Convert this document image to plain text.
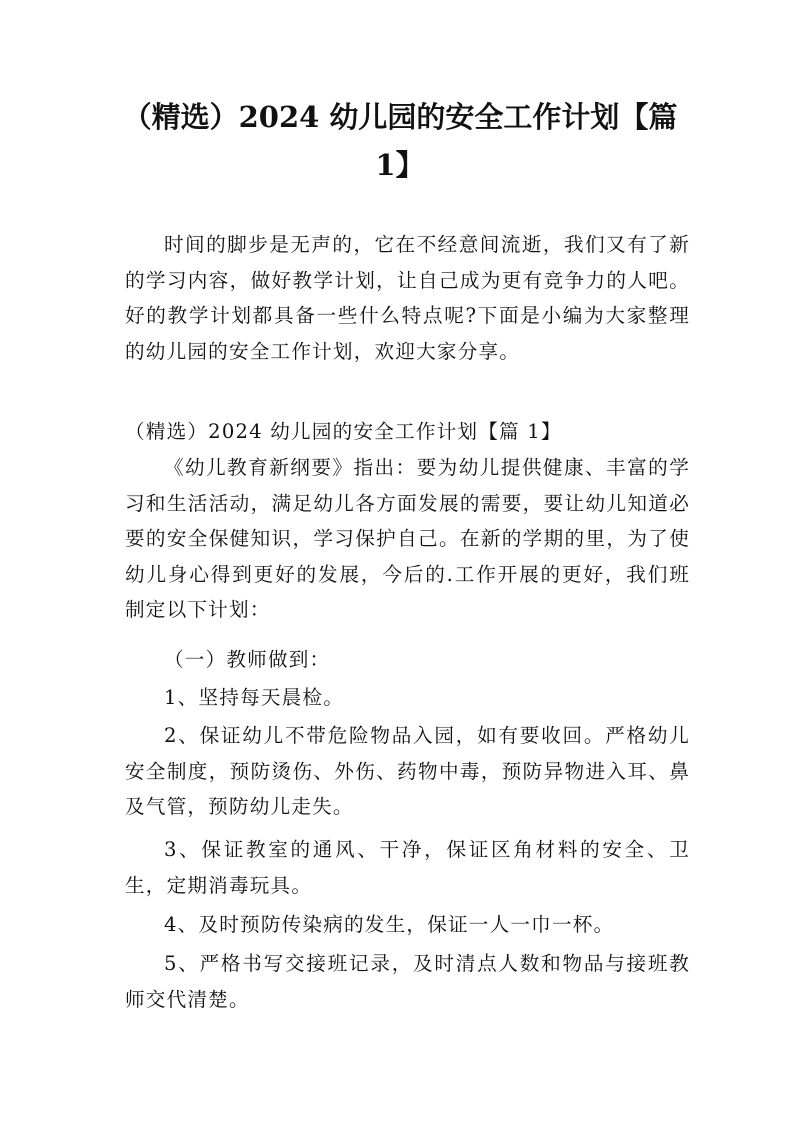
（精选）2024 幼儿园的安全工作计划【篇 1】

时间的脚步是无声的，它在不经意间流逝，我们又有了新的学习内容，做好教学计划，让自己成为更有竞争力的人吧。好的教学计划都具备一些什么特点呢?下面是小编为大家整理的幼儿园的安全工作计划，欢迎大家分享。

（精选）2024 幼儿园的安全工作计划【篇 1】

《幼儿教育新纲要》指出：要为幼儿提供健康、丰富的学习和生活活动，满足幼儿各方面发展的需要，要让幼儿知道必要的安全保健知识，学习保护自己。在新的学期的里，为了使幼儿身心得到更好的发展，今后的.工作开展的更好，我们班制定以下计划：

（一）教师做到：

1、坚持每天晨检。

2、保证幼儿不带危险物品入园，如有要收回。严格幼儿安全制度，预防烫伤、外伤、药物中毒，预防异物进入耳、鼻及气管，预防幼儿走失。

3、保证教室的通风、干净，保证区角材料的安全、卫生，定期消毒玩具。

4、及时预防传染病的发生，保证一人一巾一杯。

5、严格书写交接班记录，及时清点人数和物品与接班教师交代清楚。
